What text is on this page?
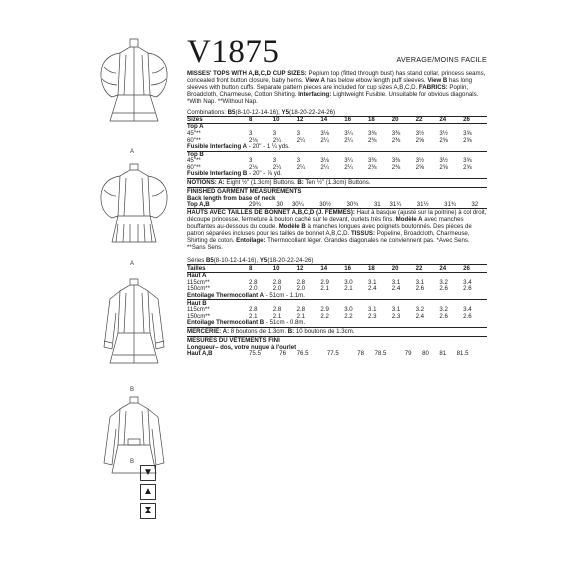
A
A
B
B
▼
▲
⧗
V1875	AVERAGE/MOINS FACILE
MISSES' TOPS WITH A,B,C,D CUP SIZES: Peplum top (fitted through bust) has stand collar, princess seams, concealed front button closure, baby hems. View A has below elbow length puff sleeves. View B has long sleeves with button cuffs. Separate pattern pieces are included for cup sizes A,B,C,D. FABRICS: Poplin, Broadcloth, Charmeuse, Cotton Shirting. Interfacing: Lightweight Fusible. Unsuitable for obvious diagonals. *With Nap. **Without Nap.
Combinations: B5(8-10-12-14-16), Y5(18-20-22-24-26)
Sizes	8	10	12	14	16	18	20	22	24	26
Top A										
45"**	3	3	3	3⅛	3¼	3⅜	3⅜	3½	3½	3⅝
60"**	2⅛	2¼	2¼	2¼	2¼	2⅜	2⅜	2⅝	2⅝	2⅝
Fusible Interfacing A - 20" - 1 ¼ yds.										
Top B										
45"**	3	3	3	3⅛	3¼	3⅜	3⅜	3½	3½	3⅝
60"**	2⅛	2¼	2¼	2¼	2¼	2⅜	2⅜	2⅝	2⅝	2⅝
Fusible Interfacing B - 20" - ⅞ yd.										
NOTIONS: A: Eight ½" (1.3cm) Buttons. B: Ten ½" (1.3cm) Buttons.
FINISHED GARMENT MEASUREMENTS
Back length from base of neck
Top A,B	29¾	30	30¼	30½	30¾	31	31¼	31½	31¾	32
HAUTS AVEC TAILLES DE BONNET A,B,C,D (J. FEMMES): Haut à basque (ajusté sur la poitrine) à col droit, découpe princesse, fermeture à bouton caché sur le devant, ourlets très fins. Modèle A avec manches bouffantes au-dessous du coude. Modèle B à manches longues avec poignets boutonnés. Des pièces de patron séparées incluses pour les tailles de bonnet A,B,C,D. TISSUS: Popeline, Broadcloth, Charmeuse, Shirting de coton. Entoilage: Thermocollant léger. Grandes diagonales ne conviennent pas. *Avec Sens. **Sans Sens.
Séries B5(8-10-12-14-16), Y5(18-20-22-24-26)
Tailles	8	10	12	14	16	18	20	22	24	26
Haut A										
115cm**	2.8	2.8	2.8	2.9	3.0	3.1	3.1	3.1	3.2	3.4
150cm**	2.0	2.0	2.0	2.1	2.1	2.4	2.4	2.6	2.6	2.6
Entoilage Thermocollant A - 51cm - 1.1m.										
Haut B										
115cm**	2.8	2.8	2.8	2.9	3.0	3.1	3.1	3.2	3.2	3.4
150cm**	2.1	2.1	2.1	2.2	2.2	2.3	2.3	2.4	2.6	2.6
Entoilage Thermocollant B - 51cm - 0.8m.										
MERCERIE: A: 8 boutons de 1.3cm. B: 10 boutons de 1.3cm.
MESURES DU VÊTEMENTS FINI
Longueur– dos, votre nuque à l'ourlet
Haut A,B	75.5	76	76.5	77.5	78	78.5	79	80	81	81.5
